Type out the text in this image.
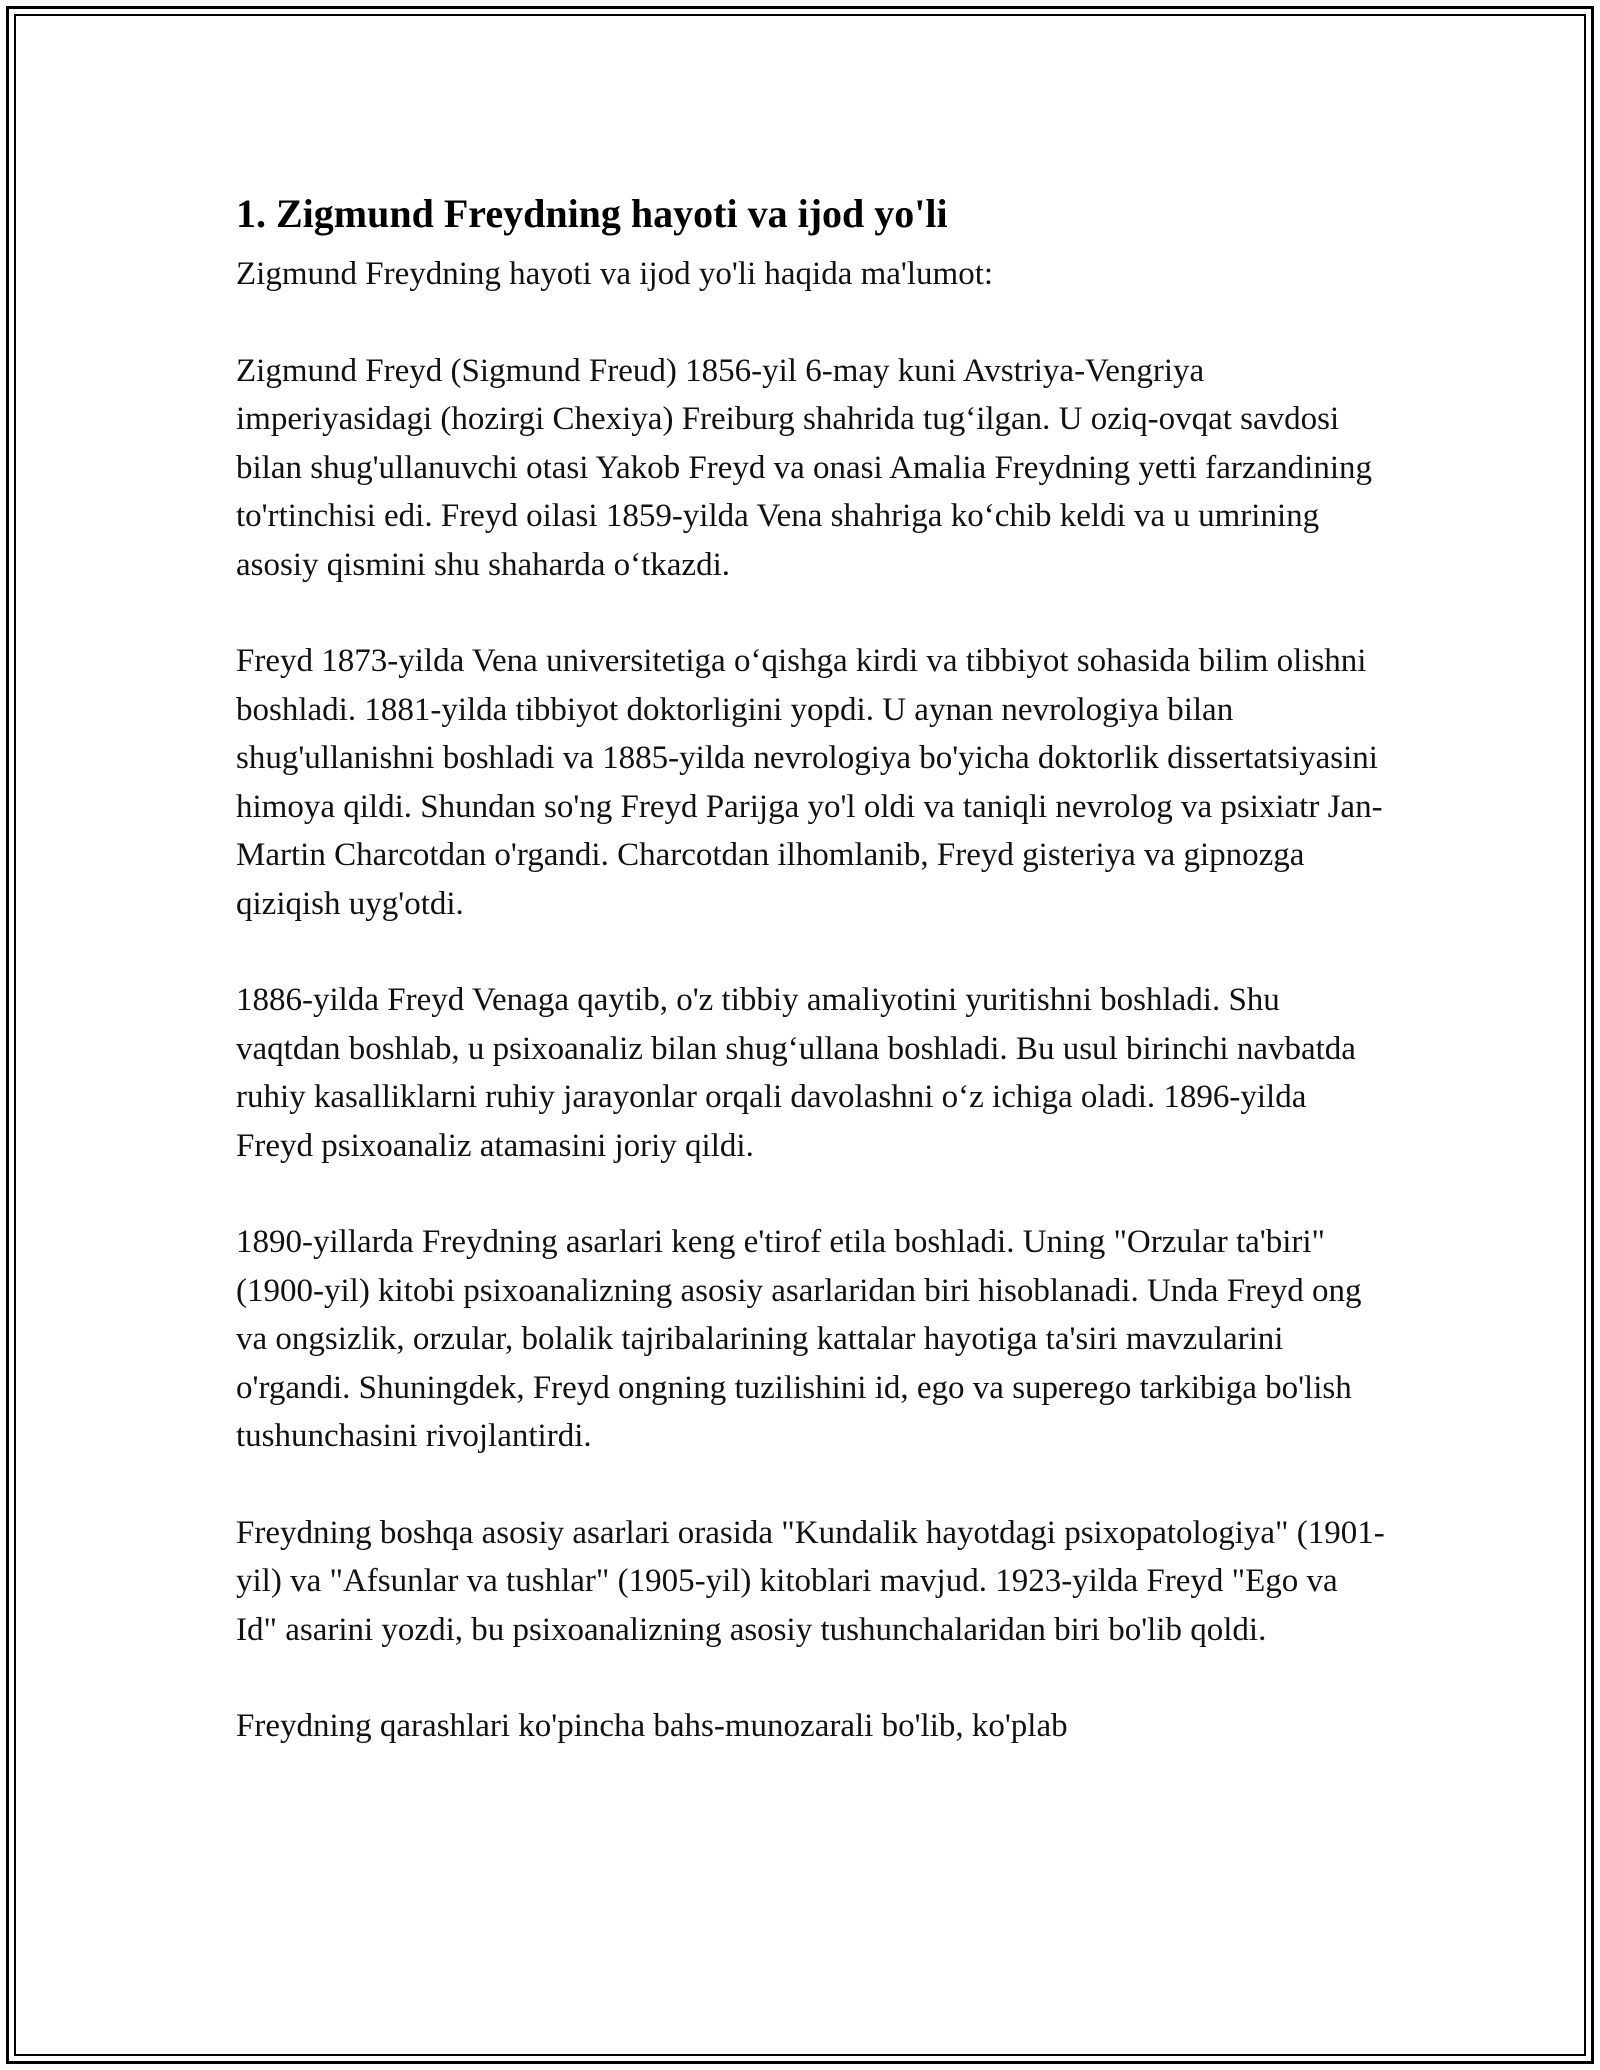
1. Zigmund Freydning hayoti va ijod yo'li

Zigmund Freydning hayoti va ijod yo'li haqida ma'lumot:

Zigmund Freyd (Sigmund Freud) 1856-yil 6-may kuni Avstriya-Vengriya imperiyasidagi (hozirgi Chexiya) Freiburg shahrida tug‘ilgan. U oziq-ovqat savdosi bilan shug'ullanuvchi otasi Yakob Freyd va onasi Amalia Freydning yetti farzandining to'rtinchisi edi. Freyd oilasi 1859-yilda Vena shahriga ko‘chib keldi va u umrining asosiy qismini shu shaharda o‘tkazdi.

Freyd 1873-yilda Vena universitetiga o‘qishga kirdi va tibbiyot sohasida bilim olishni boshladi. 1881-yilda tibbiyot doktorligini yopdi. U aynan nevrologiya bilan shug'ullanishni boshladi va 1885-yilda nevrologiya bo'yicha doktorlik dissertatsiyasini himoya qildi. Shundan so'ng Freyd Parijga yo'l oldi va taniqli nevrolog va psixiatr Jan-Martin Charcotdan o'rgandi. Charcotdan ilhomlanib, Freyd gisteriya va gipnozga qiziqish uyg'otdi.

1886-yilda Freyd Venaga qaytib, o'z tibbiy amaliyotini yuritishni boshladi. Shu vaqtdan boshlab, u psixoanaliz bilan shug‘ullana boshladi. Bu usul birinchi navbatda ruhiy kasalliklarni ruhiy jarayonlar orqali davolashni o‘z ichiga oladi. 1896-yilda Freyd psixoanaliz atamasini joriy qildi.

1890-yillarda Freydning asarlari keng e'tirof etila boshladi. Uning "Orzular ta'biri" (1900-yil) kitobi psixoanalizning asosiy asarlaridan biri hisoblanadi. Unda Freyd ong va ongsizlik, orzular, bolalik tajribalarining kattalar hayotiga ta'siri mavzularini o'rgandi. Shuningdek, Freyd ongning tuzilishini id, ego va superego tarkibiga bo'lish tushunchasini rivojlantirdi.

Freydning boshqa asosiy asarlari orasida "Kundalik hayotdagi psixopatologiya" (1901-yil) va "Afsunlar va tushlar" (1905-yil) kitoblari mavjud. 1923-yilda Freyd "Ego va Id" asarini yozdi, bu psixoanalizning asosiy tushunchalaridan biri bo'lib qoldi.

Freydning qarashlari ko'pincha bahs-munozarali bo'lib, ko'plab
